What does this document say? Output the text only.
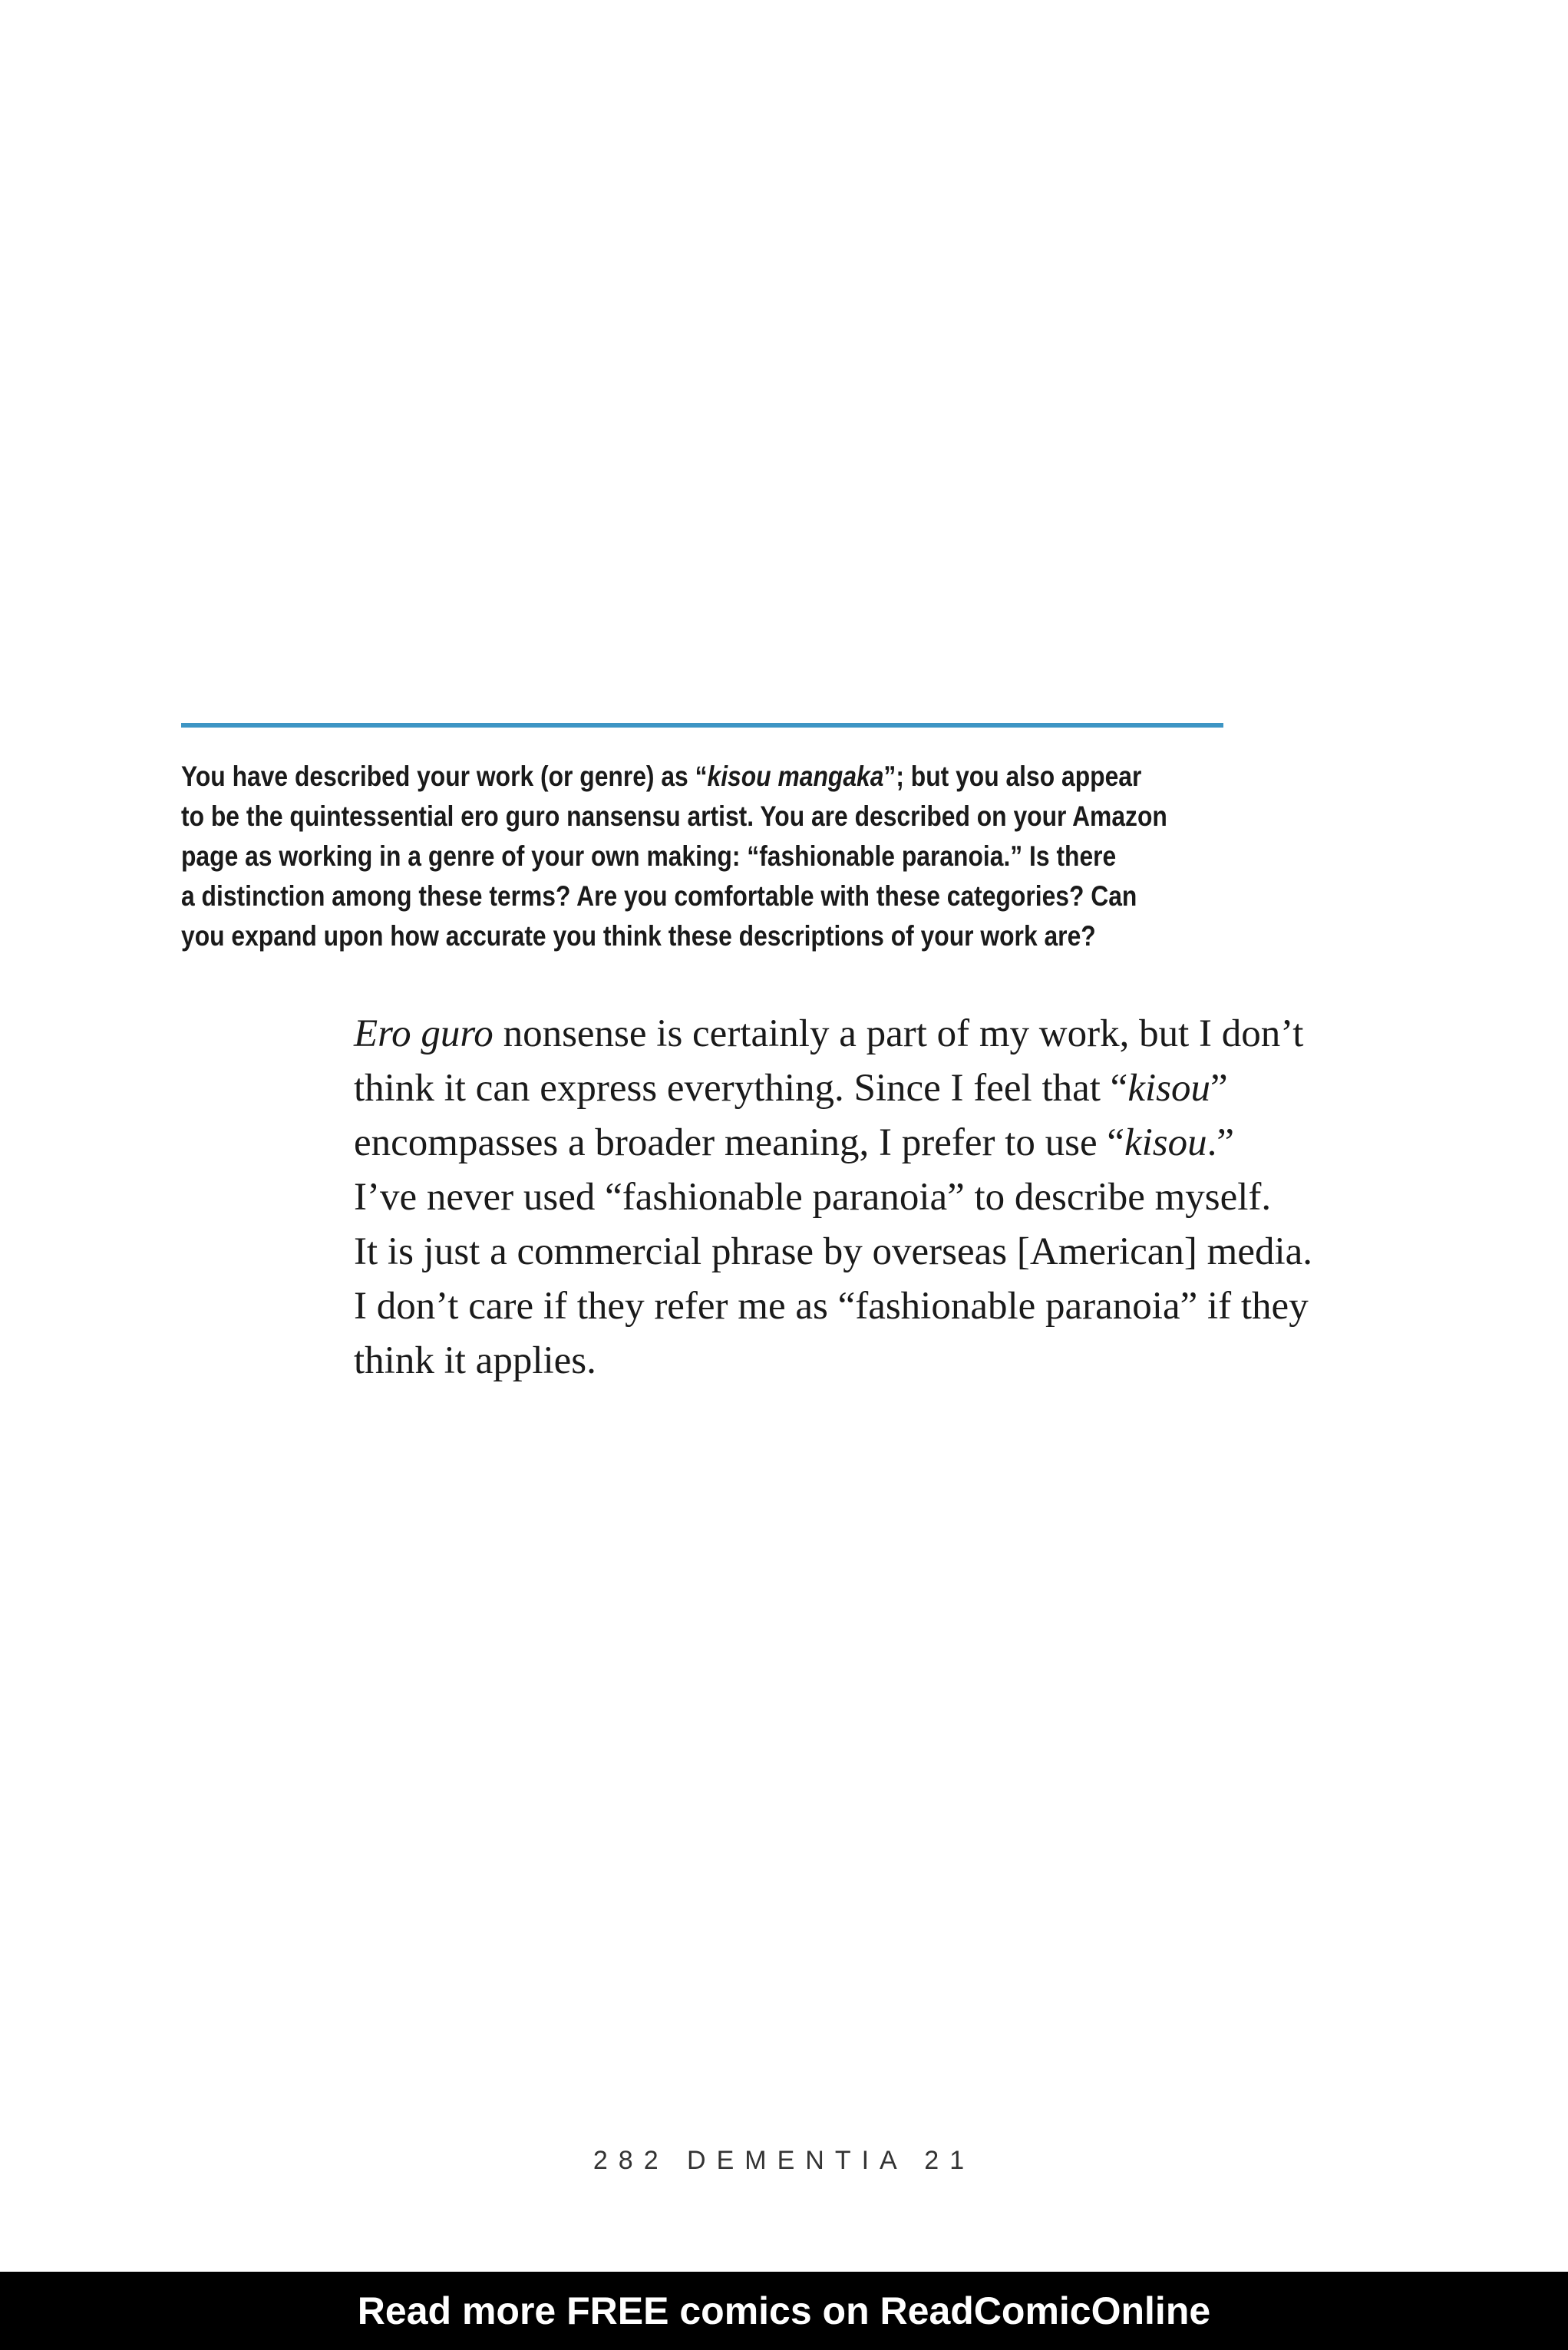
You have described your work (or genre) as “kisou mangaka”; but you also appear
to be the quintessential ero guro nansensu artist. You are described on your Amazon
page as working in a genre of your own making: “fashionable paranoia.” Is there
a distinction among these terms? Are you comfortable with these categories? Can
you expand upon how accurate you think these descriptions of your work are?
Ero guro nonsense is certainly a part of my work, but I don’t
think it can express everything. Since I feel that “kisou”
encompasses a broader meaning, I prefer to use “kisou.”
I’ve never used “fashionable paranoia” to describe myself.
It is just a commercial phrase by overseas [American] media.
I don’t care if they refer me as “fashionable paranoia” if they
think it applies.
282 DEMENTIA 21
Read more FREE comics on ReadComicOnline
